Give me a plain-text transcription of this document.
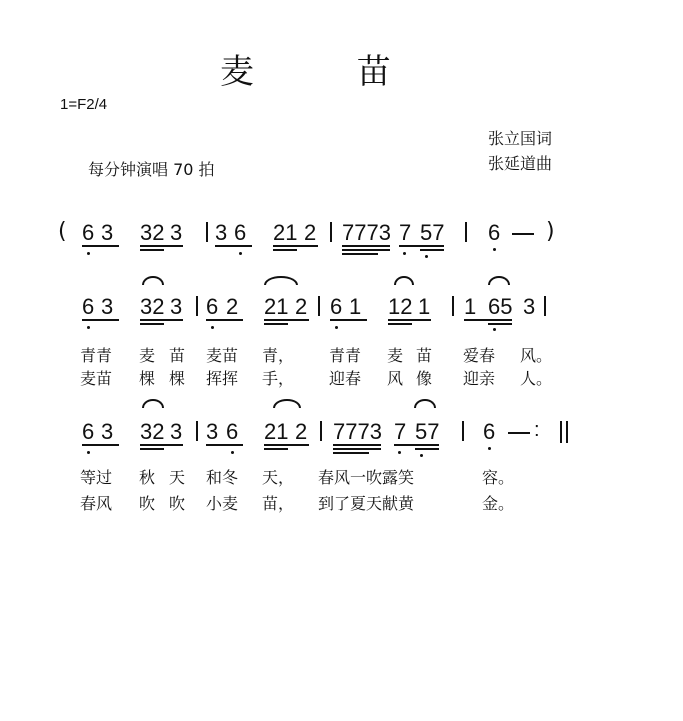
麦 苗
1=F2/4
每分钟演唱 70 拍
张立国词
张延道曲
( 6 3 32 3 3 6 21 2 7773 7 57 6 )
6 3 32 3 6 2 21 2 6 1 12 1 1 65 3
青青 麦 苗 麦苗 青， 青青 麦 苗 爱春 风。
麦苗 棵 棵 挥挥 手， 迎春 风 像 迎亲 人。
6 3 32 3 3 6 21 2 7773 7 57 6 :
等过 秋 天 和冬 天， 春风一吹露笑	容。
春风 吹 吹 小麦 苗， 到了夏天献黄	金。
